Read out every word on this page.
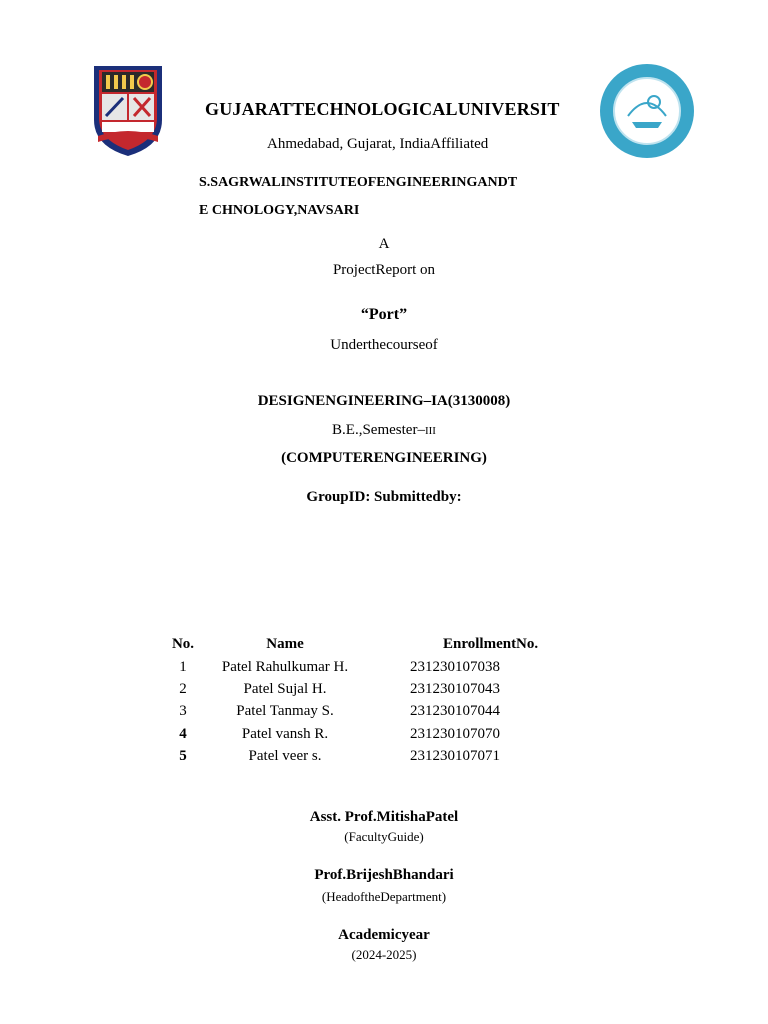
GUJARATTECHNOLOGICALUNIVERSIT
Ahmedabad, Gujarat, IndiaAffiliated
S.SAGRWALINSTITUTEOFENGINEERINGANDT
E CHNOLOGY,NAVSARI
A
ProjectReport on
“Port”
Underthecourseof
DESIGNENGINEERING–IA(3130008)
B.E.,Semester–III
(COMPUTERENGINEERING)
GroupID: Submittedby:
No.	Name	EnrollmentNo.
1	Patel Rahulkumar H.	231230107038
2	Patel Sujal H.	231230107043
3	Patel Tanmay S.	231230107044
4	Patel vansh R.	231230107070
5	Patel veer s.	231230107071
Asst. Prof.MitishaPatel
(FacultyGuide)
Prof.BrijeshBhandari
(HeadoftheDepartment)
Academicyear
(2024-2025)
